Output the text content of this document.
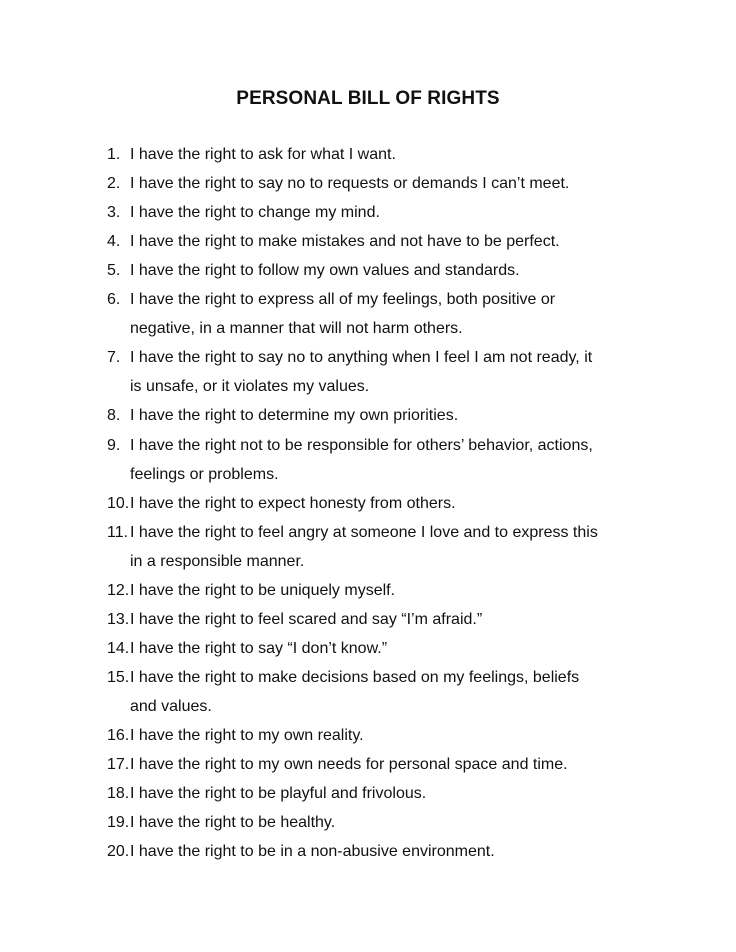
PERSONAL BILL OF RIGHTS
1. I have the right to ask for what I want.
2. I have the right to say no to requests or demands I can’t meet.
3. I have the right to change my mind.
4. I have the right to make mistakes and not have to be perfect.
5. I have the right to follow my own values and standards.
6. I have the right to express all of my feelings, both positive or
negative, in a manner that will not harm others.
7. I have the right to say no to anything when I feel I am not ready, it
is unsafe, or it violates my values.
8. I have the right to determine my own priorities.
9. I have the right not to be responsible for others’ behavior, actions,
feelings or problems.
10. I have the right to expect honesty from others.
11. I have the right to feel angry at someone I love and to express this
in a responsible manner.
12. I have the right to be uniquely myself.
13. I have the right to feel scared and say “I’m afraid.”
14. I have the right to say “I don’t know.”
15. I have the right to make decisions based on my feelings, beliefs
and values.
16. I have the right to my own reality.
17. I have the right to my own needs for personal space and time.
18. I have the right to be playful and frivolous.
19. I have the right to be healthy.
20. I have the right to be in a non-abusive environment.
